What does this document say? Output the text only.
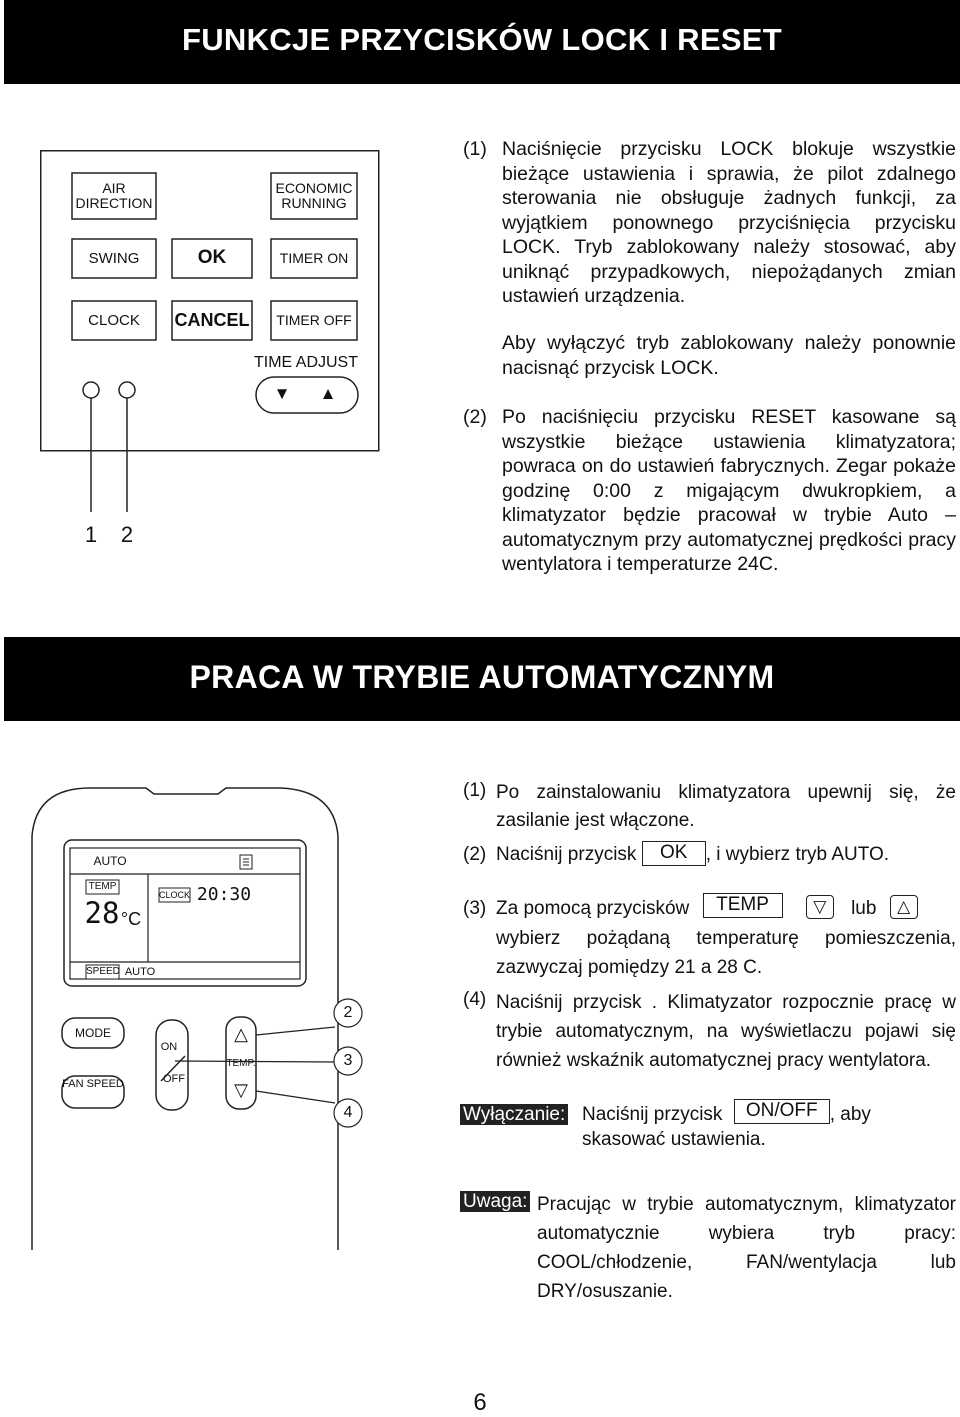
FUNKCJE PRZYCISKÓW LOCK I RESET
AIR DIRECTION
ECONOMIC RUNNING
SWING	OK	TIMER ON
CLOCK	CANCEL	TIMER OFF
TIME ADJUST
▼ ▲
1 2
(1) Naciśnięcie przycisku LOCK blokuje wszystkie bieżące ustawienia i sprawia, że pilot zdalnego sterowania nie obsługuje żadnych funkcji, za wyjątkiem ponownego przyciśnięcia przycisku LOCK. Tryb zablokowany należy stosować, aby uniknąć przypadkowych, niepożądanych zmian ustawień urządzenia.

Aby wyłączyć tryb zablokowany należy ponownie nacisnąć przycisk LOCK.

(2) Po naciśnięciu przycisku RESET kasowane są wszystkie bieżące ustawienia klimatyzatora; powraca on do ustawień fabrycznych. Zegar pokaże godzinę 0:00 z migającym dwukropkiem, a klimatyzator będzie pracował w trybie Auto – automatycznym przy automatycznej prędkości pracy wentylatora i temperaturze 24C.

PRACA W TRYBIE AUTOMATYCZNYM
AUTO
TEMP
28 °C
CLOCK 20:30
SPEED AUTO
MODE
FAN SPEED
ON
OFF
△
TEMP.
▽
2
3
4
(1) Po zainstalowaniu klimatyzatora upewnij się, że zasilanie jest włączone.

(2) Naciśnij przycisk OK , i wybierz tryb AUTO.
(3) Za pomocą przycisków TEMP	▽ lub △

wybierz pożądaną temperaturę pomieszczenia, zazwyczaj pomiędzy 21 a 28 C.

(4) Naciśnij przycisk . Klimatyzator rozpocznie pracę w trybie automatycznym, na wyświetlaczu pojawi się również wskaźnik automatycznej pracy wentylatora.

Wyłączanie: Naciśnij przycisk ON/OFF , aby skasować ustawienia.
Uwaga: Pracując w trybie automatycznym, klimatyzator automatycznie wybiera tryb pracy: COOL/chłodzenie, FAN/wentylacja lub DRY/osuszanie.

6
